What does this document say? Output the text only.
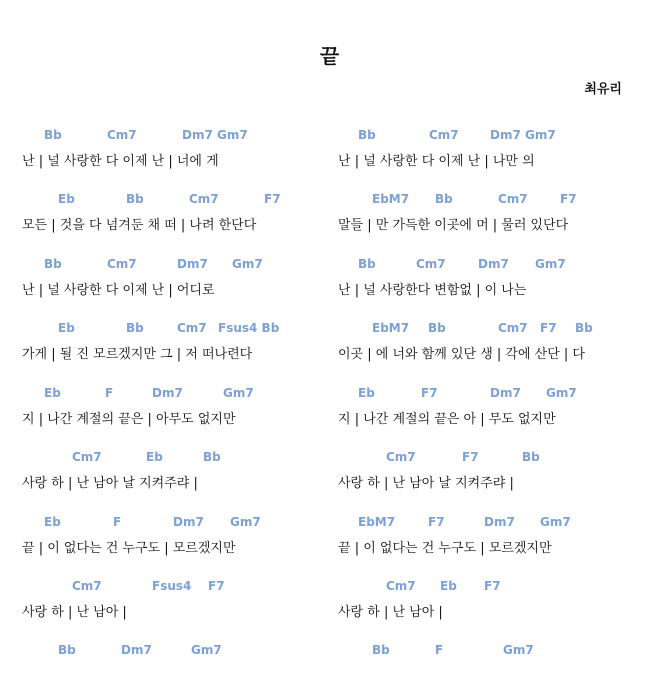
끝
최유리
Bb	Cm7	Dm7 Gm7
난 | 널 사랑한 다 이제 난 | 너에 게
Eb	Bb	Cm7	F7
모든 | 것을 다 넘겨둔 채 떠 | 나려 한단다
Bb	Cm7	Dm7 Gm7
난 | 널 사랑한 다 이제 난 | 어디로
Eb	Bb	Cm7 Fsus4 Bb
가게 | 될 진 모르겠지만 그 | 저 떠나련다
Eb	F	Dm7	Gm7
지 | 나간 계절의 끝은 | 아무도 없지만
Cm7	Eb	Bb
사랑 하 | 난 남아 날 지켜주랴 |
Eb	F	Dm7 Gm7
끝 | 이 없다는 건 누구도 | 모르겠지만
Cm7	Fsus4 F7
사랑 하 | 난 남아 |
Bb	Dm7	Gm7
Bb	Cm7	Dm7 Gm7
난 | 널 사랑한 다 이제 난 | 나만 의
EbM7 Bb	Cm7	F7
말들 | 만 가득한 이곳에 머 | 물러 있단다
Bb	Cm7	Dm7 Gm7
난 | 널 사랑한다 변함없 | 이 나는
EbM7 Bb	Cm7 F7 Bb
이곳 | 에 너와 함께 있단 생 | 각에 산단 | 다
Eb	F7	Dm7 Gm7
지 | 나간 계절의 끝은 아 | 무도 없지만
Cm7	F7	Bb
사랑 하 | 난 남아 날 지켜주랴 |
EbM7	F7	Dm7 Gm7
끝 | 이 없다는 건 누구도 | 모르겠지만
Cm7 Eb F7
사랑 하 | 난 남아 |
Bb	F	Gm7
